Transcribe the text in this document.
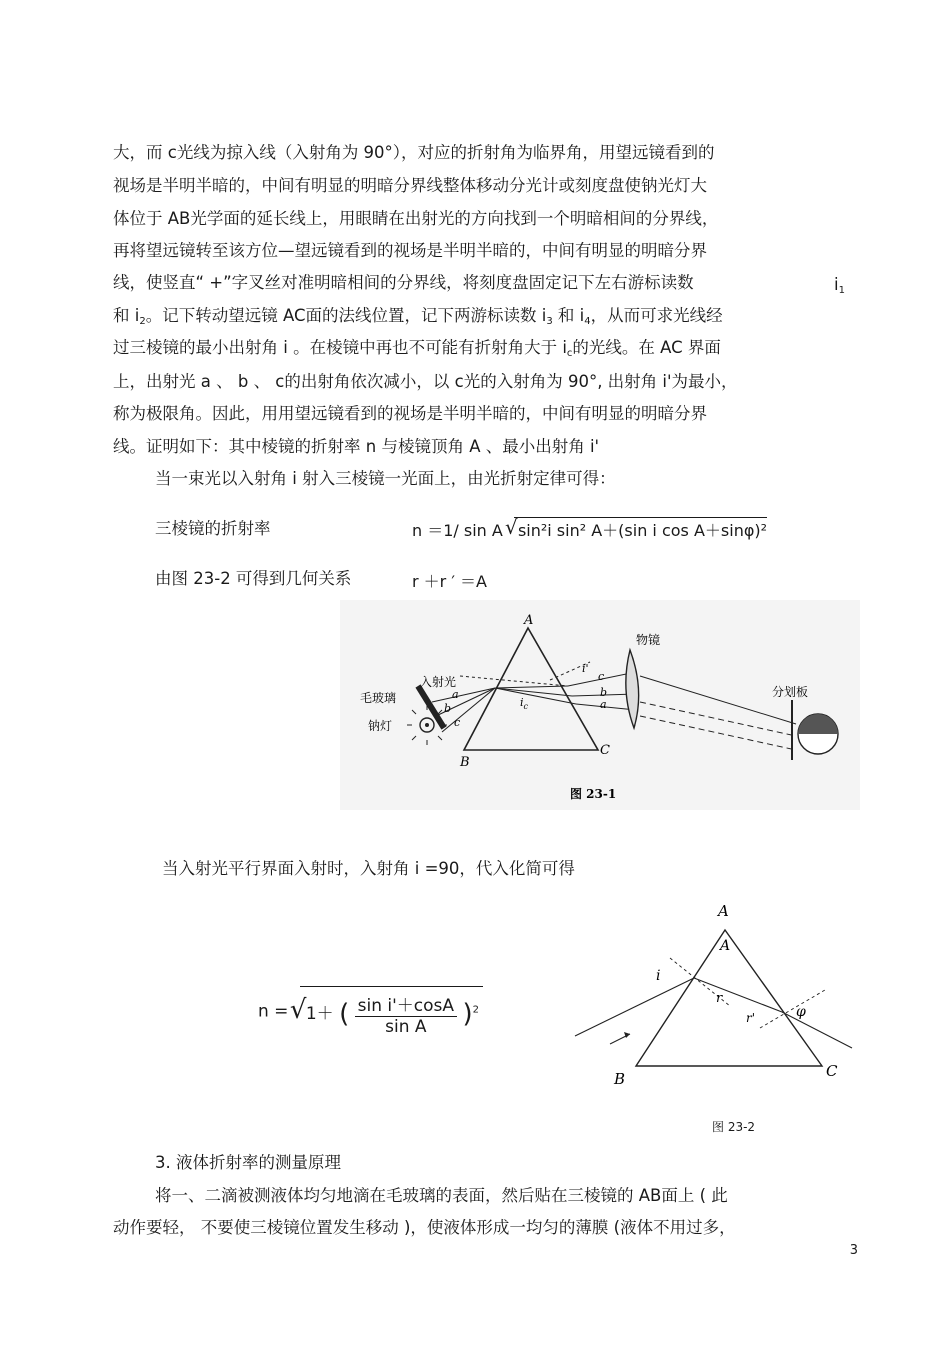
大，而 c光线为掠入线（入射角为 90°），对应的折射角为临界角，用望远镜看到的
视场是半明半暗的，中间有明显的明暗分界线整体移动分光计或刻度盘使钠光灯大
体位于 AB光学面的延长线上，用眼睛在出射光的方向找到一个明暗相间的分界线，
再将望远镜转至该方位—望远镜看到的视场是半明半暗的，中间有明显的明暗分界
线，使竖直“ +”字叉丝对准明暗相间的分界线，将刻度盘固定记下左右游标读数	$i_1$
和 $i_2$。记下转动望远镜 AC面的法线位置，记下两游标读数 $i_3$ 和 $i_4$，从而可求光线经
过三棱镜的最小出射角 i 。在棱镜中再也不可能有折射角大于 $i_c$的光线。在 AC 界面
上，出射光 a 、 b 、 c的出射角依次减小，以 c光的入射角为 90°, 出射角 i'为最小，
称为极限角。因此，用用望远镜看到的视场是半明半暗的，中间有明显的明暗分界
线。证明如下：其中棱镜的折射率 n 与棱镜顶角 A 、最小出射角 i'
当一束光以入射角 i 射入三棱镜一光面上，由光折射定律可得：
三棱镜的折射率	n ＝1/ sin A √ sin²i sin² A＋(sin i cos A＋sinφ)²
由图 23-2 可得到几何关系	r ＋r ′ ＝A
A
B
C
入射光
毛玻璃
钠灯
物镜
分划板
a
b
c
c
b
a
i'
$i_c$
图 23-1
当入射光平行界面入射时，入射角 i =90，代入化简可得
n = √ 1＋ ( $\frac{\text{sin i'＋cosA}}{\text{sin A}} )^2$
A
A
B	C
i
r
r'	φ
图 23-2
3. 液体折射率的测量原理
将一、二滴被测液体均匀地滴在毛玻璃的表面，然后贴在三棱镜的 AB面上 ( 此
动作要轻， 不要使三棱镜位置发生移动 )，使液体形成一均匀的薄膜 (液体不用过多，
3
